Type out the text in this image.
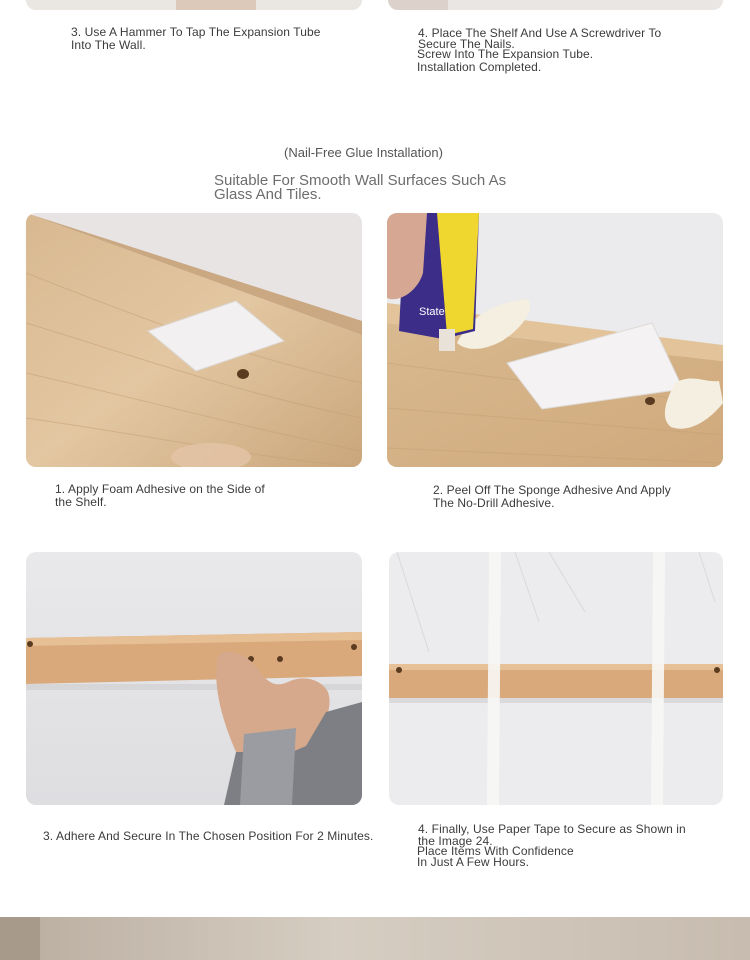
3. Use A Hammer To Tap The Expansion Tube
Into The Wall.
4. Place The Shelf And Use A Screwdriver To
Secure The Nails.
Screw Into The Expansion Tube.
Installation Completed.
(Nail-Free Glue Installation)
Suitable For Smooth Wall Surfaces Such As
Glass And Tiles.
State
1. Apply Foam Adhesive on the Side of
the Shelf.
2. Peel Off The Sponge Adhesive And Apply
The No-Drill Adhesive.
3. Adhere And Secure In The Chosen Position For 2 Minutes.	4. Finally, Use Paper Tape to Secure as Shown in
the Image 24.
Place Items With Confidence
In Just A Few Hours.
